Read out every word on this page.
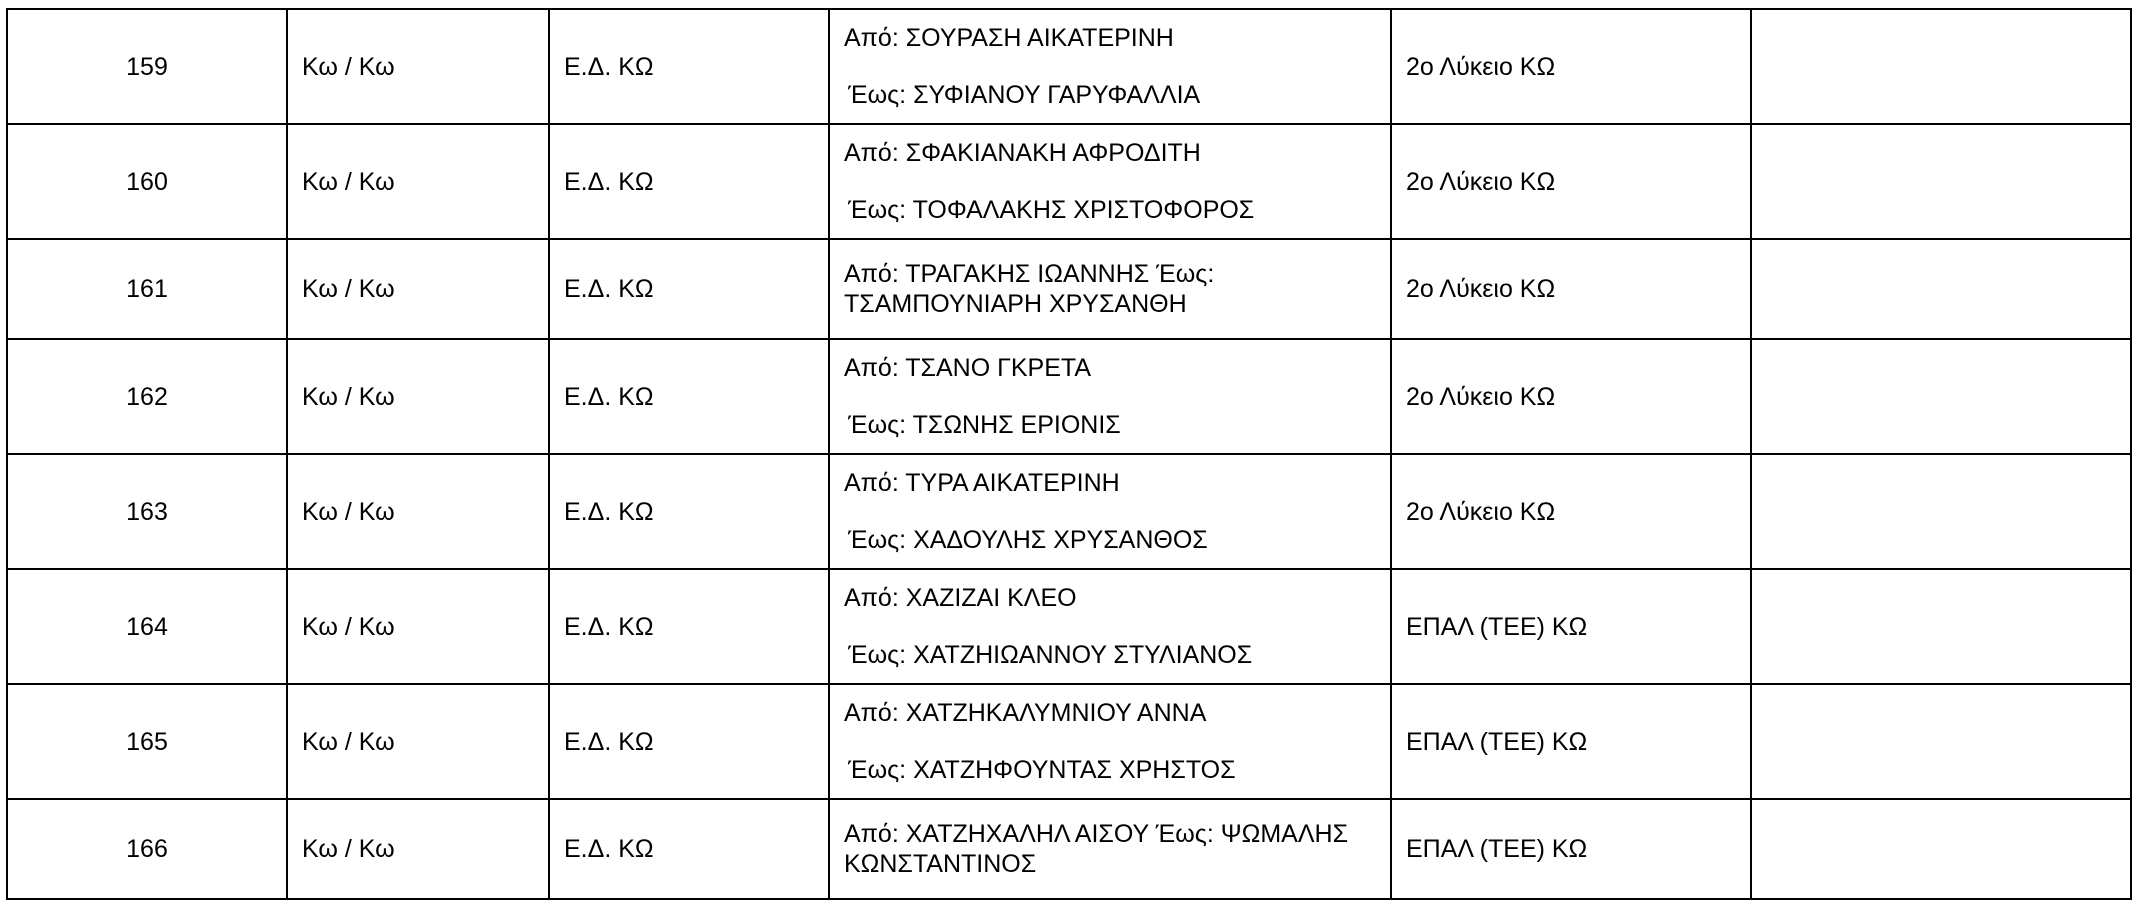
159	Κω / Κω	Ε.Δ. ΚΩ	Από: ΣΟΥΡΑΣΗ ΑΙΚΑΤΕΡΙΝΗ
Έως: ΣΥΦΙΑΝΟΥ ΓΑΡΥΦΑΛΛΙΑ	2ο Λύκειο ΚΩ	
160	Κω / Κω	Ε.Δ. ΚΩ	Από: ΣΦΑΚΙΑΝΑΚΗ ΑΦΡΟΔΙΤΗ
Έως: ΤΟΦΑΛΑΚΗΣ ΧΡΙΣΤΟΦΟΡΟΣ	2ο Λύκειο ΚΩ	
161	Κω / Κω	Ε.Δ. ΚΩ	Από: ΤΡΑΓΑΚΗΣ ΙΩΑΝΝΗΣ Έως: ΤΣΑΜΠΟΥΝΙΑΡΗ ΧΡΥΣΑΝΘΗ	2ο Λύκειο ΚΩ	
162	Κω / Κω	Ε.Δ. ΚΩ	Από: ΤΣΑΝΟ ΓΚΡΕΤΑ
Έως: ΤΣΩΝΗΣ ΕΡΙΟΝΙΣ	2ο Λύκειο ΚΩ	
163	Κω / Κω	Ε.Δ. ΚΩ	Από: ΤΥΡΑ ΑΙΚΑΤΕΡΙΝΗ
Έως: ΧΑΔΟΥΛΗΣ ΧΡΥΣΑΝΘΟΣ	2ο Λύκειο ΚΩ	
164	Κω / Κω	Ε.Δ. ΚΩ	Από: ΧΑΖΙΖΑΙ ΚΛΕΟ
Έως: ΧΑΤΖΗΙΩΑΝΝΟΥ ΣΤΥΛΙΑΝΟΣ	ΕΠΑΛ (ΤΕΕ) ΚΩ	
165	Κω / Κω	Ε.Δ. ΚΩ	Από: ΧΑΤΖΗΚΑΛΥΜΝΙΟΥ ΑΝΝΑ
Έως: ΧΑΤΖΗΦΟΥΝΤΑΣ ΧΡΗΣΤΟΣ	ΕΠΑΛ (ΤΕΕ) ΚΩ	
166	Κω / Κω	Ε.Δ. ΚΩ	Από: ΧΑΤΖΗΧΑΛΗΛ ΑΙΣΟΥ Έως: ΨΩΜΑΛΗΣ ΚΩΝΣΤΑΝΤΙΝΟΣ	ΕΠΑΛ (ΤΕΕ) ΚΩ	
